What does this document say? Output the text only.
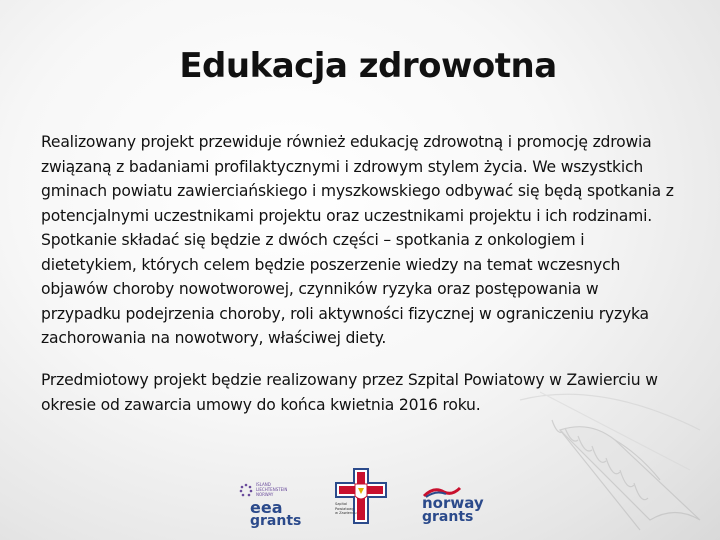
Edukacja zdrowotna

Realizowany projekt przewiduje również edukację zdrowotną i promocję zdrowia związaną z badaniami profilaktycznymi i zdrowym stylem życia. We wszystkich gminach powiatu zawierciańskiego i myszkowskiego odbywać się będą spotkania z potencjalnymi uczestnikami projektu oraz uczestnikami projektu i ich rodzinami. Spotkanie składać się będzie z dwóch części – spotkania z onkologiem i dietetykiem, których celem będzie poszerzenie wiedzy na temat wczesnych objawów choroby nowotworowej, czynników ryzyka oraz postępowania w przypadku podejrzenia choroby, roli aktywności fizycznej w ograniczeniu ryzyka zachorowania na nowotwory, właściwej diety.

Przedmiotowy projekt będzie realizowany przez Szpital Powiatowy w Zawierciu w okresie od zawarcia umowy do końca kwietnia 2016 roku.

ISLAND LIECHTENSTEIN NORWAY
eea
grants
Szpital Powiatowy w Zawierciu
norway
grants
